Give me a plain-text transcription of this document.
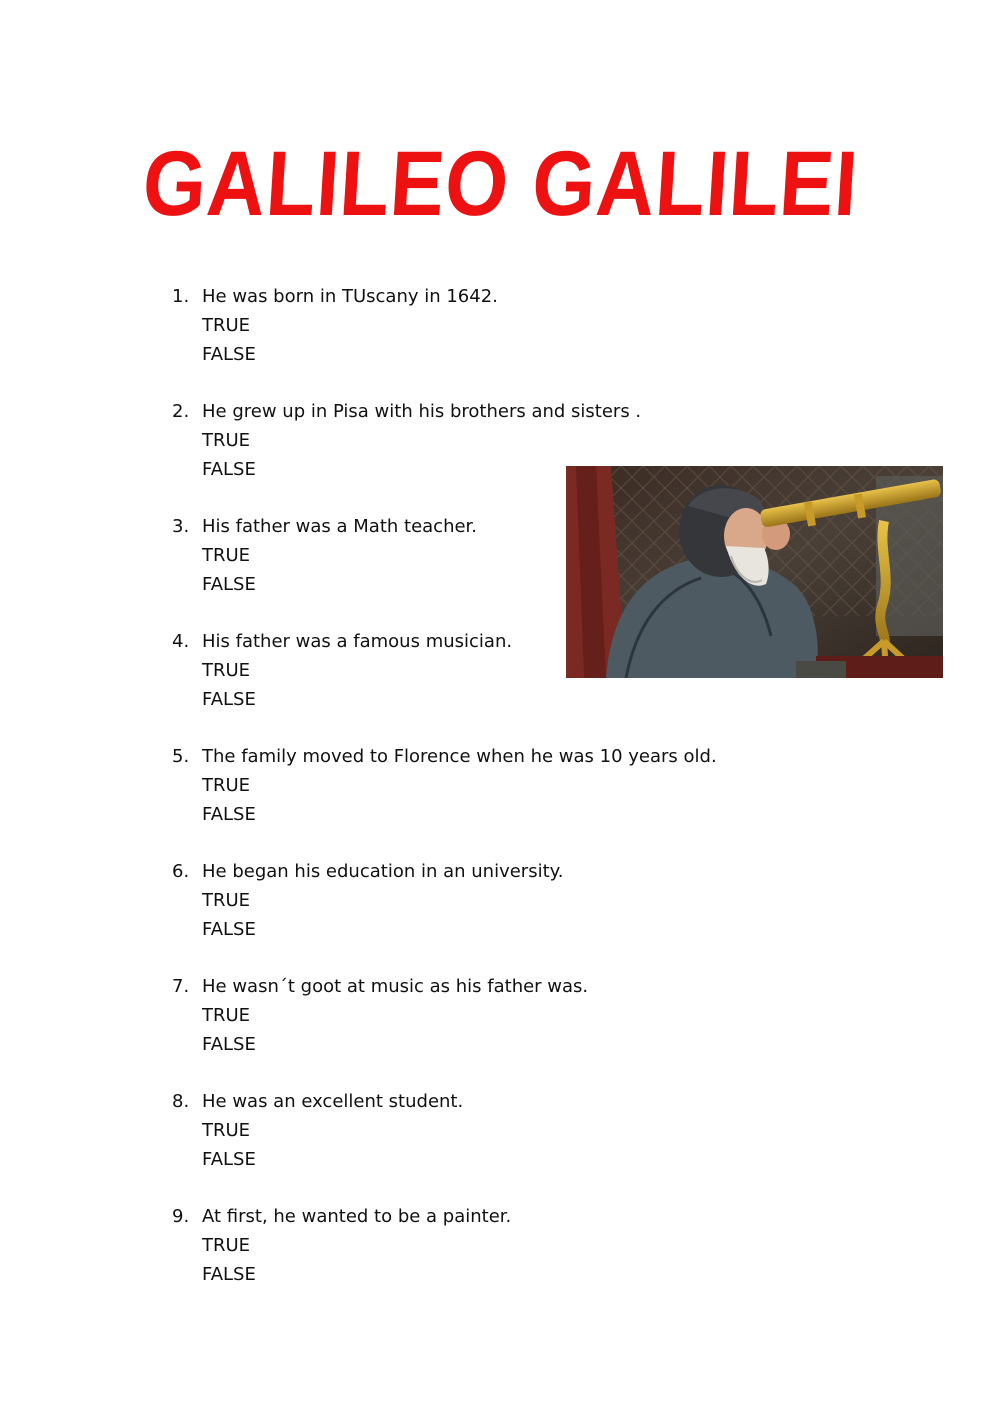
GALILEO GALILEI
1. He was born in TUscany in 1642.
TRUE
FALSE
2. He grew up in Pisa with his brothers and sisters .
TRUE
FALSE
3. His father was a Math teacher.
TRUE
FALSE
4. His father was a famous musician.
TRUE
FALSE
5. The family moved to Florence when he was 10 years old.
TRUE
FALSE
6. He began his education in an university.
TRUE
FALSE
7. He wasn´t goot at music as his father was.
TRUE
FALSE
8. He was an excellent student.
TRUE
FALSE
9. At first, he wanted to be a painter.
TRUE
FALSE
